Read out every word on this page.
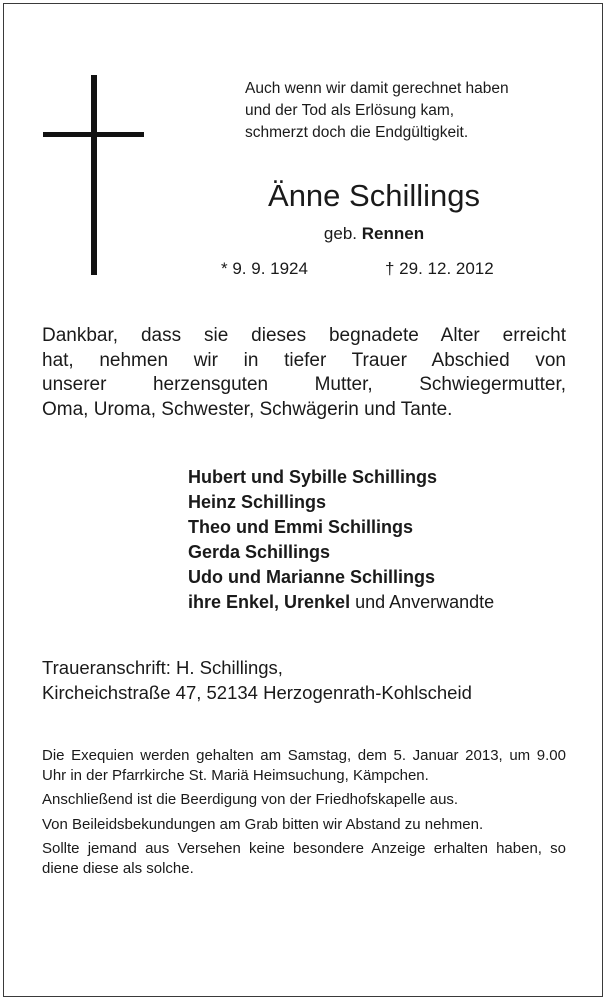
Auch wenn wir damit gerechnet haben
und der Tod als Erlösung kam,
schmerzt doch die Endgültigkeit.
Änne Schillings
geb. Rennen
* 9. 9. 1924	† 29. 12. 2012
Dankbar, dass sie dieses begnadete Alter erreicht
hat, nehmen wir in tiefer Trauer Abschied von
unserer herzensguten Mutter, Schwiegermutter,
Oma, Uroma, Schwester, Schwägerin und Tante.
Hubert und Sybille Schillings
Heinz Schillings
Theo und Emmi Schillings
Gerda Schillings
Udo und Marianne Schillings
ihre Enkel, Urenkel und Anverwandte
Traueranschrift: H. Schillings,
Kircheichstraße 47, 52134 Herzogenrath-Kohlscheid

Die Exequien werden gehalten am Samstag, dem 5. Januar 2013, um 9.00 Uhr in der Pfarrkirche St. Mariä Heimsuchung, Kämpchen.

Anschließend ist die Beerdigung von der Friedhofskapelle aus.

Von Beileidsbekundungen am Grab bitten wir Abstand zu nehmen.

Sollte jemand aus Versehen keine besondere Anzeige erhalten haben, so diene diese als solche.
